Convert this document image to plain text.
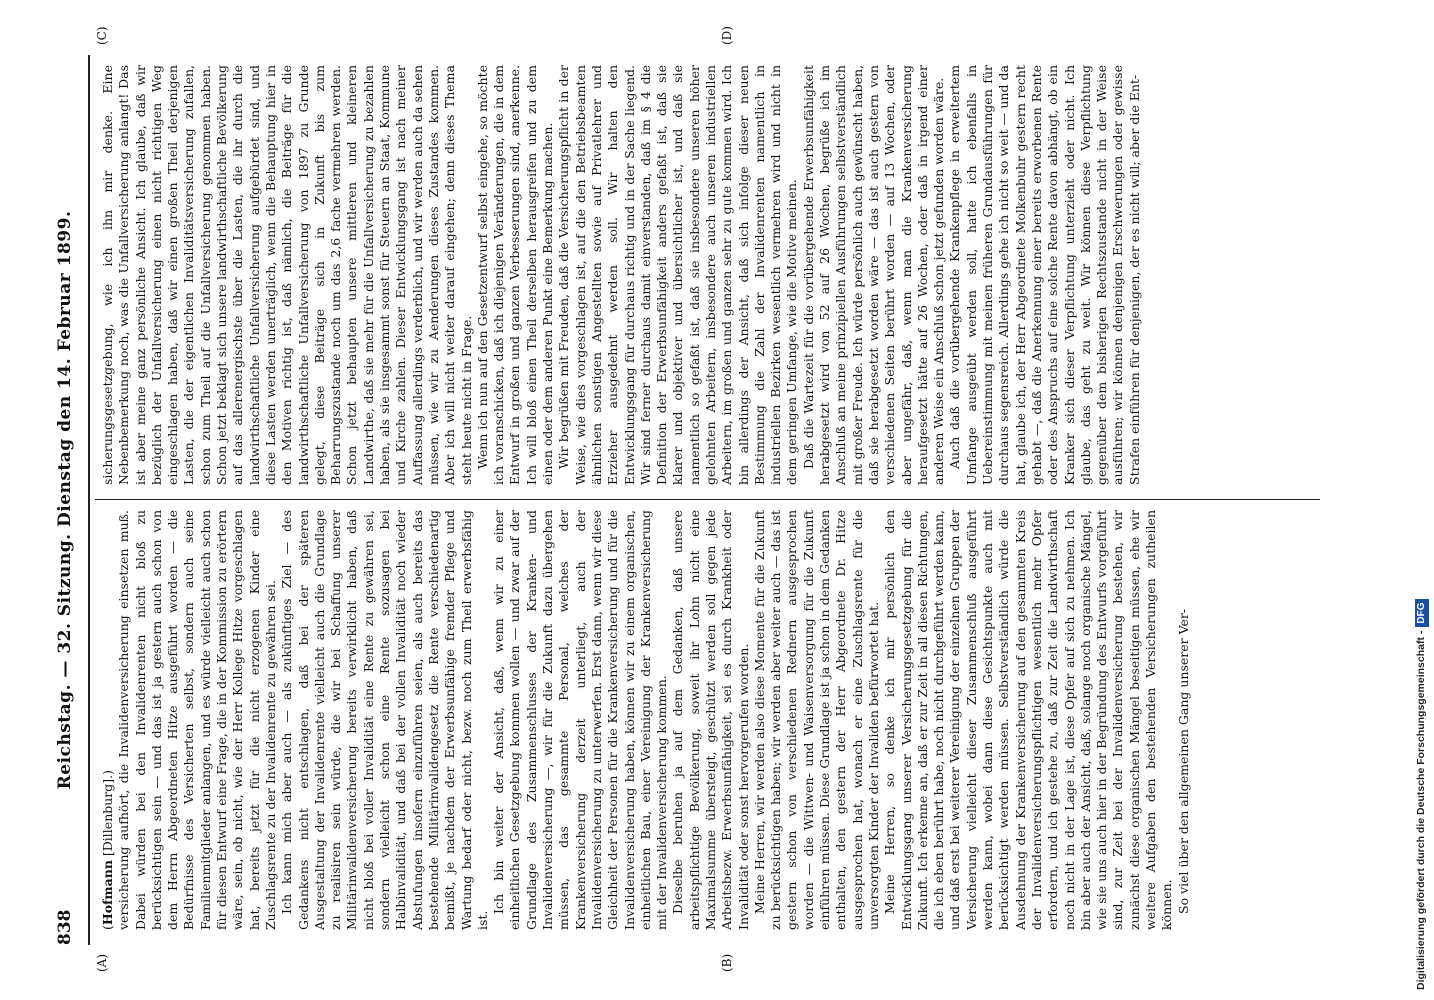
838
Reichstag. — 32. Sitzung. Dienstag den 14. Februar 1899.
(A)	(B)
(C)	(D)

(Hofmann [Dillenburg].) versicherung aufhört, die Invalidenversicherung einsetzen muß. Dabei würden bei den Invalidenrenten nicht bloß zu berücksichtigen sein — und das ist ja gestern auch schon von dem Herrn Abgeordneten Hitze ausgeführt worden — die Bedürfnisse des Versicherten selbst, sondern auch seine Familienmitglieder anlangen, und es würde vielleicht auch schon für diesen Entwurf eine Frage, die in der Kommission zu erörtern wäre, sein, ob nicht, wie der Herr Kollege Hitze vorgeschlagen hat, bereits jetzt für die nicht erzogenen Kinder eine Zuschlagsrente zu der Invalidenrente zu gewähren sei. Ich kann mich aber auch — als zukünftiges Ziel — des Gedankens nicht entschlagen, daß bei der späteren Ausgestaltung der Invalidenrente vielleicht auch die Grundlage zu realisiren sein würde, die wir bei Schaffung unserer Militärinvalidenversicherung bereits verwirklicht haben, daß nicht bloß bei voller Invalidität eine Rente zu gewähren sei, sondern vielleicht schon eine Rente sozusagen bei Halbinvalidität, und daß bei der vollen Invalidität noch wieder Abstufungen insofern einzuführen seien, als auch bereits das bestehende Militärinvalidengesetz die Rente verschiedenartig bemißt, je nachdem der Erwerbsunfähige fremder Pflege und Wartung bedarf oder nicht, bezw. noch zum Theil erwerbsfähig ist.

Ich bin weiter der Ansicht, daß, wenn wir zu einer einheitlichen Gesetzgebung kommen wollen — und zwar auf der Grundlage des Zusammenschlusses der Kranken- und Invalidenversicherung —, wir für die Zukunft dazu übergehen müssen, das gesammte Personal, welches der Krankenversicherung derzeit unterliegt, auch der Invalidenversicherung zu unterwerfen. Erst dann, wenn wir diese Gleichheit der Personen für die Krankenversicherung und für die Invalidenversicherung haben, können wir zu einem organischen, einheitlichen Bau, einer Vereinigung der Krankenversicherung mit der Invalidenversicherung kommen. Dieselbe beruhen ja auf dem Gedanken, daß unsere arbeitspflichtige Bevölkerung, soweit ihr Lohn nicht eine Maximalsumme übersteigt, geschützt werden soll gegen jede Arbeitsbezw. Erwerbsunfähigkeit, sei es durch Krankheit oder Invalidität oder sonst hervorgerufen worden. Meine Herren, wir werden also diese Momente für die Zukunft zu berücksichtigen haben; wir werden aber weiter auch — das ist gestern schon von verschiedenen Rednern ausgesprochen worden — die Wittwen- und Waisenversorgung für die Zukunft einführen müssen. Diese Grundlage ist ja schon in dem Gedanken enthalten, den gestern der Herr Abgeordnete Dr. Hitze ausgesprochen hat, wonach er eine Zuschlagsrente für die unversorgten Kinder der Invaliden befürwortet hat. Meine Herren, so denke ich mir persönlich den Entwicklungsgang unserer Versicherungsgesetzgebung für die Zukunft. Ich erkenne an, daß er zur Zeit in all diesen Richtungen, die ich eben berührt habe, noch nicht durchgeführt werden kann, und daß erst bei weiterer Vereinigung der einzelnen Gruppen der Versicherung vielleicht dieser Zusammenschluß ausgeführt werden kann, wobei dann diese Gesichtspunkte auch mit berücksichtigt werden müssen. Selbstverständlich würde die Ausdehnung der Krankenversicherung auf den gesammten Kreis der Invalidenversicherungspflichtigen wesentlich mehr Opfer erfordern, und ich gestehe zu, daß zur Zeit die Landwirthschaft noch nicht in der Lage ist, diese Opfer auf sich zu nehmen. Ich bin aber auch der Ansicht, daß, solange noch organische Mängel, wie sie uns auch hier in der Begründung des Entwurfs vorgeführt sind, zur Zeit bei der Invalidenversicherung bestehen, wir zunächst diese organischen Mängel beseitigen müssen, ehe wir weitere Aufgaben den bestehenden Versicherungen zutheilen können. So viel über den allgemeinen Gang unserer Ver-

sicherungsgesetzgebung, wie ich ihn mir denke. Eine Nebenbemerkung noch, was die Unfallversicherung anlangt! Das ist aber meine ganz persönliche Ansicht. Ich glaube, daß wir bezüglich der Unfallversicherung einen nicht richtigen Weg eingeschlagen haben, daß wir einen großen Theil derjenigen Lasten, die der eigentlichen Invaliditätsversicherung zufallen, schon zum Theil auf die Unfallversicherung genommen haben. Schon jetzt beklagt sich unsere landwirthschaftliche Bevölkerung auf das allerenergischste über die Lasten, die ihr durch die landwirthschaftliche Unfallversicherung aufgebürdet sind, und diese Lasten werden unerträglich, wenn die Behauptung hier in den Motiven richtig ist, daß nämlich, die Beiträge für die landwirthschaftliche Unfallversicherung von 1897 zu Grunde gelegt, diese Beiträge sich in Zukunft bis zum Beharrungszustande noch um das 2,6 fache vermehren werden. Schon jetzt behaupten unsere mittleren und kleineren Landwirthe, daß sie mehr für die Unfallversicherung zu bezahlen haben, als sie insgesammt sonst für Steuern an Staat, Kommune und Kirche zahlen. Dieser Entwicklungsgang ist nach meiner Auffassung allerdings verderblich, und wir werden auch da sehen müssen, wie wir zu Aenderungen dieses Zustandes kommen. Aber ich will nicht weiter darauf eingehen; denn dieses Thema steht heute nicht in Frage. Wenn ich nun auf den Gesetzentwurf selbst eingehe, so möchte ich voranschicken, daß ich diejenigen Veränderungen, die in dem Entwurf in großen und ganzen Verbesserungen sind, anerkenne. Ich will bloß einen Theil derselben herausgreifen und zu dem einen oder dem anderen Punkt eine Bemerkung machen. Wir begrüßen mit Freuden, daß die Versicherungspflicht in der Weise, wie dies vorgeschlagen ist, auf die den Betriebsbeamten ähnlichen sonstigen Angestellten sowie auf Privatlehrer und Erzieher ausgedehnt werden soll. Wir halten den Entwicklungsgang für durchaus richtig und in der Sache liegend. Wir sind ferner durchaus damit einverstanden, daß im § 4 die Definition der Erwerbsunfähigkeit anders gefaßt ist, daß sie klarer und objektiver und übersichtlicher ist, und daß sie namentlich so gefaßt ist, daß sie insbesondere unseren höher gelohnten Arbeitern, insbesondere auch unseren industriellen Arbeitern, im großen und ganzen sehr zu gute kommen wird. Ich bin allerdings der Ansicht, daß sich infolge dieser neuen Bestimmung die Zahl der Invalidenrenten namentlich in industriellen Bezirken wesentlich vermehren wird und nicht in dem geringen Umfange, wie die Motive meinen. Daß die Wartezeit für die vorübergehende Erwerbsunfähigkeit herabgesetzt wird von 52 auf 26 Wochen, begrüße ich im Anschluß an meine prinzipiellen Ausführungen selbstverständlich mit großer Freude. Ich würde persönlich auch gewünscht haben, daß sie herabgesetzt worden wäre — das ist auch gestern von verschiedenen Seiten berührt worden — auf 13 Wochen, oder aber ungefähr, daß, wenn man die Krankenversicherung heraufgesetzt hätte auf 26 Wochen, oder daß in irgend einer anderen Weise ein Anschluß schon jetzt gefunden worden wäre. Auch daß die vorübergehende Krankenpflege in erweitertem Umfange ausgeübt werden soll, hatte ich ebenfalls in Uebereinstimmung mit meinen früheren Grundausführungen für durchaus segensreich. Allerdings gehe ich nicht so weit — und da hat, glaube ich, der Herr Abgeordnete Molkenbuhr gestern recht gehabt —, daß die Anerkennung einer bereits erworbenen Rente oder des Anspruchs auf eine solche Rente davon abhängt, ob ein Kranker sich dieser Verpflichtung unterzieht oder nicht. Ich glaube, das geht zu weit. Wir können diese Verpflichtung gegenüber dem bisherigen Rechtszustande nicht in der Weise ausführen; wir können denjenigen Erschwerungen oder gewisse Strafen einführen für denjenigen, der es nicht will; aber die Ent-

Digitalisierung gefördert durch die Deutsche Forschungsgemeinschaft -DFG
